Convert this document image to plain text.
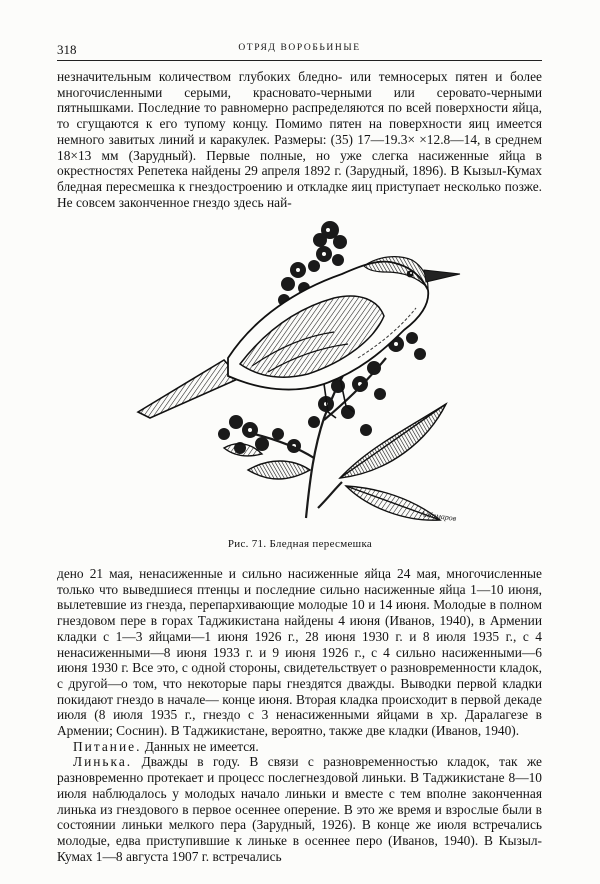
318	ОТРЯД ВОРОБЬИНЫЕ

незначительным количеством глубоких бледно- или темносерых пятен и более многочисленными серыми, красновато-черными или серовато-черными пятнышками. Последние то равномерно распределяются по всей поверхности яйца, то сгущаются к его тупому концу. Помимо пятен на поверхности яиц имеется немного завитых линий и каракулек. Размеры: (35) 17—19.3× ×12.8—14, в среднем 18×13 мм (Зарудный). Первые полные, но уже слегка насиженные яйца в окрестностях Репетека найдены 29 апреля 1892 г. (Зарудный, 1896). В Кызыл-Кумах бледная пересмешка к гнездостроению и откладке яиц приступает несколько позже. Не совсем законченное гнездо здесь най-

А.Комаров
Рис. 71. Бледная пересмешка

дено 21 мая, ненасиженные и сильно насиженные яйца 24 мая, многочисленные только что выведшиеся птенцы и последние сильно насиженные яйца 1—10 июня, вылетевшие из гнезда, перепархивающие молодые 10 и 14 июня. Молодые в полном гнездовом пере в горах Таджикистана найдены 4 июня (Иванов, 1940), в Армении кладки с 1—3 яйцами—1 июня 1926 г., 28 июня 1930 г. и 8 июля 1935 г., с 4 ненасиженными—8 июня 1933 г. и 9 июня 1926 г., с 4 сильно насиженными—6 июня 1930 г. Все это, с одной стороны, свидетельствует о разновременности кладок, с другой—о том, что некоторые пары гнездятся дважды. Выводки первой кладки покидают гнездо в начале— конце июня. Вторая кладка происходит в первой декаде июля (8 июля 1935 г., гнездо с 3 ненасиженными яйцами в хр. Даралагезе в Армении; Соснин). В Таджикистане, вероятно, также две кладки (Иванов, 1940).

Питание. Данных не имеется.

Линька. Дважды в году. В связи с разновременностью кладок, так же разновременно протекает и процесс послегнездовой линьки. В Таджикистане 8—10 июля наблюдалось у молодых начало линьки и вместе с тем вполне законченная линька из гнездового в первое осеннее оперение. В это же время и взрослые были в состоянии линьки мелкого пера (Зарудный, 1926). В конце же июля встречались молодые, едва приступившие к линьке в осеннее перо (Иванов, 1940). В Кызыл-Кумах 1—8 августа 1907 г. встречались
